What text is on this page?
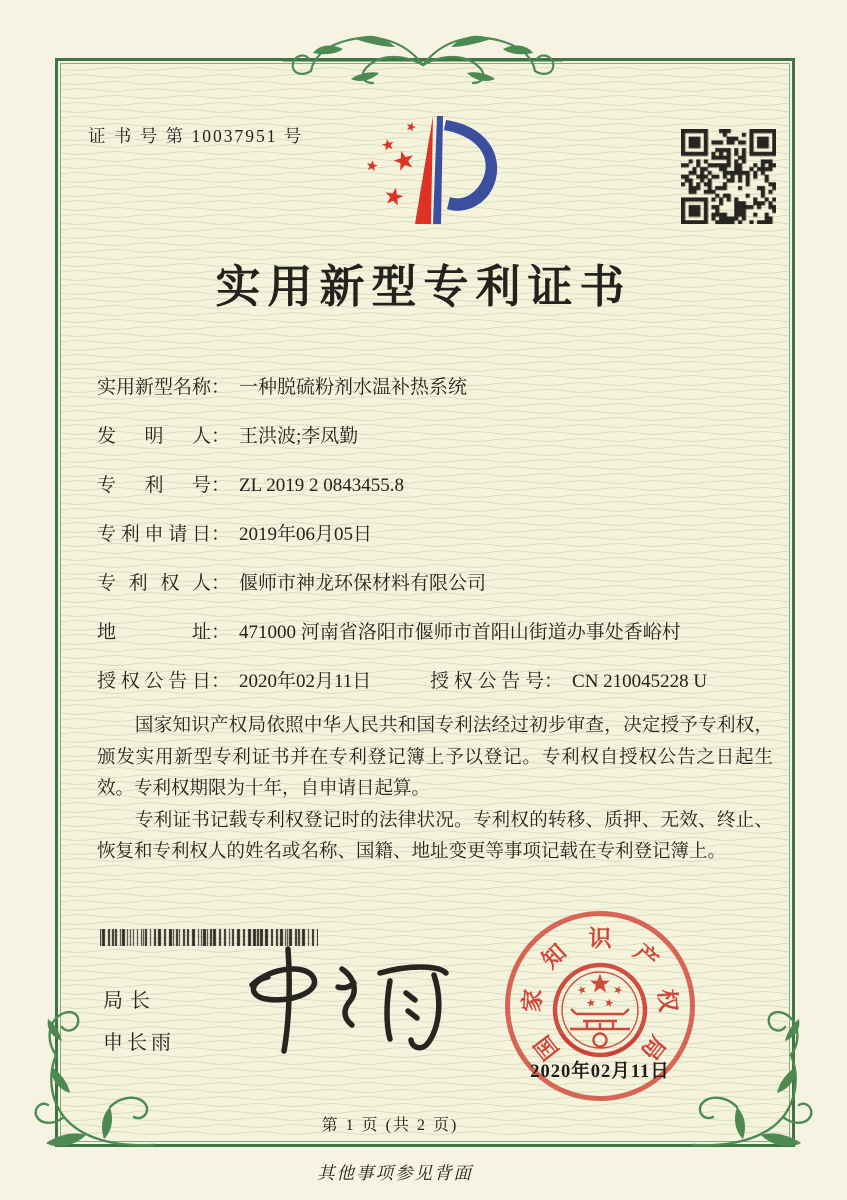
证 书 号 第 10037951 号
实用新型专利证书
实用新型名称： 一种脱硫粉剂水温补热系统
发明人： 王洪波;李凤勤
专利号： ZL 2019 2 0843455.8
专利申请日： 2019年06月05日
专利权人： 偃师市神龙环保材料有限公司
地址： 471000 河南省洛阳市偃师市首阳山街道办事处香峪村
授权公告日： 2020年02月11日	授权公告号： CN 210045228 U

国家知识产权局依照中华人民共和国专利法经过初步审查，决定授予专利权，颁发实用新型专利证书并在专利登记簿上予以登记。专利权自授权公告之日起生效。专利权期限为十年，自申请日起算。

专利证书记载专利权登记时的法律状况。专利权的转移、质押、无效、终止、恢复和专利权人的姓名或名称、国籍、地址变更等事项记载在专利登记簿上。

局长
申长雨	国
家
知
识
产
权
局
2020年02月11日
第 1 页 (共 2 页)
其他事项参见背面
